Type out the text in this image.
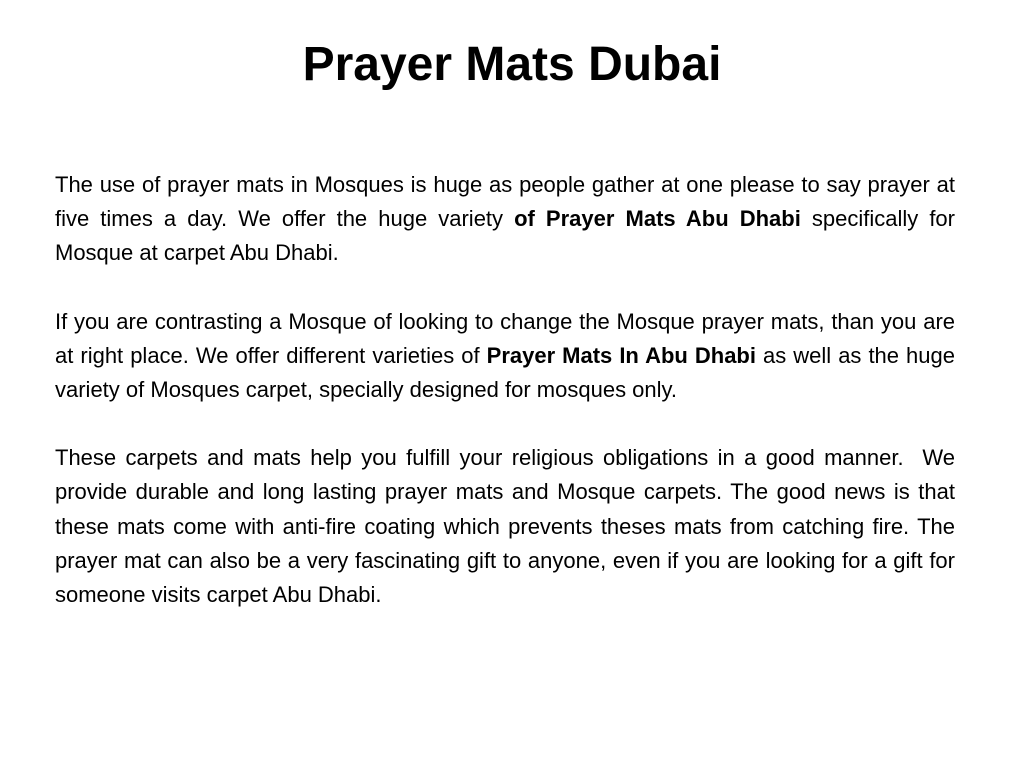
Prayer Mats Dubai

The use of prayer mats in Mosques is huge as people gather at one please to say prayer at five times a day. We offer the huge variety of Prayer Mats Abu Dhabi specifically for Mosque at carpet Abu Dhabi.

If you are contrasting a Mosque of looking to change the Mosque prayer mats, than you are at right place. We offer different varieties of Prayer Mats In Abu Dhabi as well as the huge variety of Mosques carpet, specially designed for mosques only.

These carpets and mats help you fulfill your religious obligations in a good manner.  We provide durable and long lasting prayer mats and Mosque carpets. The good news is that these mats come with anti-fire coating which prevents theses mats from catching fire. The prayer mat can also be a very fascinating gift to anyone, even if you are looking for a gift for someone visits carpet Abu Dhabi.
